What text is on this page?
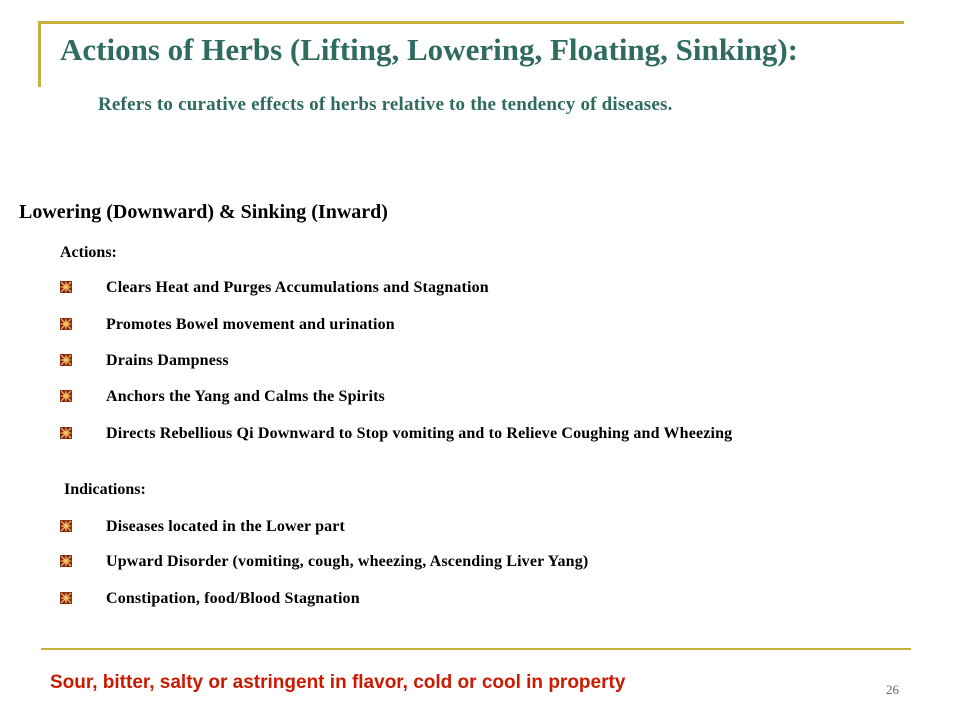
Actions of Herbs (Lifting, Lowering, Floating, Sinking):
Refers to curative effects of herbs relative to the tendency of diseases.
Lowering (Downward) & Sinking (Inward)
Actions:
Clears Heat and Purges Accumulations and Stagnation
Promotes Bowel movement and urination
Drains Dampness
Anchors the Yang and Calms the Spirits
Directs Rebellious Qi Downward to Stop vomiting and to Relieve Coughing and Wheezing
Indications:
Diseases located in the Lower part
Upward Disorder (vomiting, cough, wheezing, Ascending Liver Yang)
Constipation, food/Blood Stagnation
Sour, bitter, salty or astringent in flavor, cold or cool in property	26
